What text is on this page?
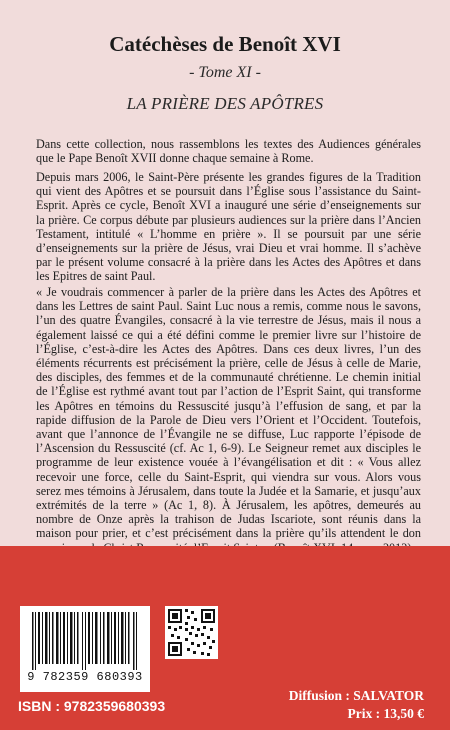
Catéchèses de Benoît XVI
- Tome XI -
LA PRIÈRE DES APÔTRES

Dans cette collection, nous rassemblons les textes des Audiences générales que le Pape Benoît XVII donne chaque semaine à Rome.

Depuis mars 2006, le Saint-Père présente les grandes figures de la Tradition qui vient des Apôtres et se poursuit dans l’Église sous l’assistance du Saint-Esprit. Après ce cycle, Benoît XVI a inauguré une série d’enseignements sur la prière. Ce corpus débute par plusieurs audiences sur la prière dans l’Ancien Testament, intitulé « L’homme en prière ». Il se poursuit par une série d’enseignements sur la prière de Jésus, vrai Dieu et vrai homme. Il s’achève par le présent volume consacré à la prière dans les Actes des Apôtres et dans les Epitres de saint Paul.

« Je voudrais commencer à parler de la prière dans les Actes des Apôtres et dans les Lettres de saint Paul. Saint Luc nous a remis, comme nous le savons, l’un des quatre Évangiles, consacré à la vie terrestre de Jésus, mais il nous a également laissé ce qui a été défini comme le premier livre sur l’histoire de l’Église, c’est-à-dire les Actes des Apôtres. Dans ces deux livres, l’un des éléments récurrents est précisément la prière, celle de Jésus à celle de Marie, des disciples, des femmes et de la communauté chrétienne. Le chemin initial de l’Église est rythmé avant tout par l’action de l’Esprit Saint, qui transforme les Apôtres en témoins du Ressuscité jusqu’à l’effusion de sang, et par la rapide diffusion de la Parole de Dieu vers l’Orient et l’Occident. Toutefois, avant que l’annonce de l’Évangile ne se diffuse, Luc rapporte l’épisode de l’Ascension du Ressuscité (cf. Ac 1, 6-9). Le Seigneur remet aux disciples le programme de leur existence vouée à l’évangélisation et dit : « Vous allez recevoir une force, celle du Saint-Esprit, qui viendra sur vous. Alors vous serez mes témoins à Jérusalem, dans toute la Judée et la Samarie, et jusqu’aux extrémités de la terre » (Ac 1, 8). À Jérusalem, les apôtres, demeurés au nombre de Onze après la trahison de Judas Iscariote, sont réunis dans la maison pour prier, et c’est précisément dans la prière qu’ils attendent le don

9 782359 680393
ISBN : 9782359680393
Diffusion : SALVATOR
Prix : 13,50 €
